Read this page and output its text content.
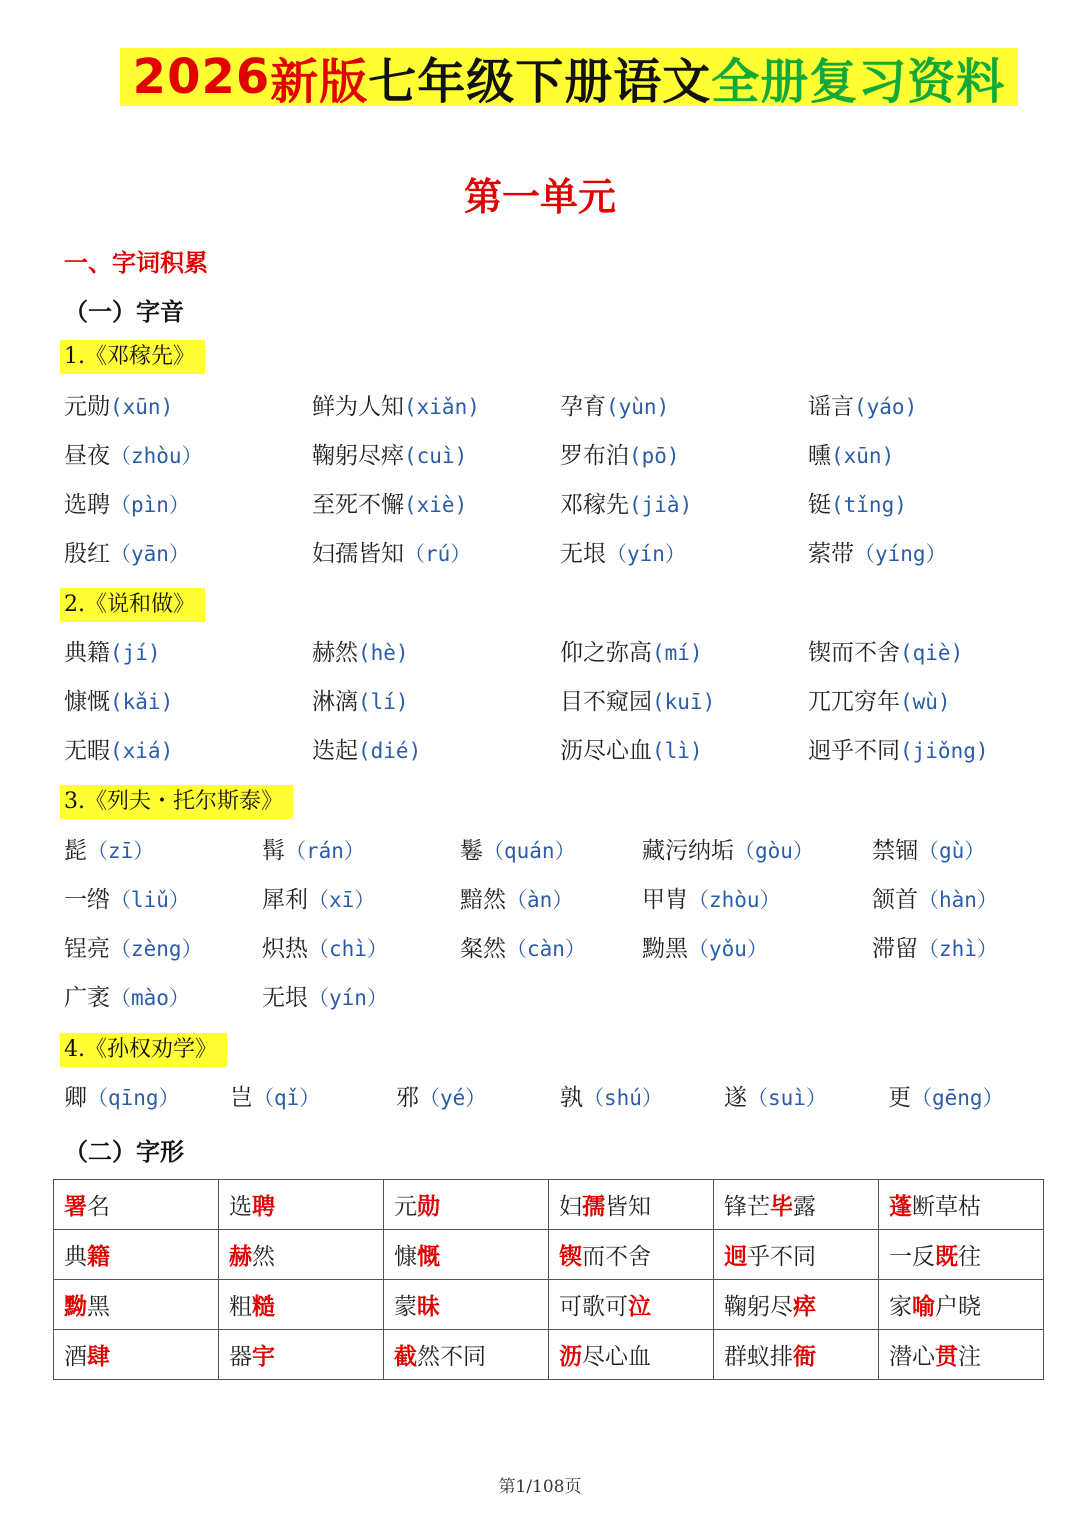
2026 新版 七年级下册语文 全册复习资料
第一单元
一、字词积累
（一）字音
1.《邓稼先》
2.《说和做》
3.《列夫・托尔斯泰》
4.《孙权劝学》
元勋(xūn)	鲜为人知(xiǎn)	孕育(yùn)	谣言(yáo)
昼夜（zhòu）	鞠躬尽瘁(cuì)	罗布泊(pō)	曛(xūn)
选聘（pìn）	至死不懈(xiè)	邓稼先(jià)	铤(tǐng)
殷红（yān）	妇孺皆知（rú）	无垠（yín）	萦带（yíng）
典籍(jí)	赫然(hè)	仰之弥高(mí)	锲而不舍(qiè)
慷慨(kǎi)	淋漓(lí)	目不窥园(kuī)	兀兀穷年(wù)
无暇(xiá)	迭起(dié)	沥尽心血(lì)	迥乎不同(jiǒng)
髭（zī）	髯（rán）	鬈（quán）	藏污纳垢（gòu）	禁锢（gù）
一绺（liǔ）	犀利（xī）	黯然（àn）	甲胄（zhòu）	颔首（hàn）
锃亮（zèng）	炽热（chì）	粲然（càn） 黝黑（yǒu）	滞留（zhì）
广袤（mào）	无垠（yín）
卿（qīng） 岂（qǐ）	邪（yé）	孰（shú）	遂（suì）	更（gēng）
（二）字形
署名	选聘	元勋	妇孺皆知	锋芒毕露	蓬断草枯
典籍	赫然	慷慨	锲而不舍	迥乎不同	一反既往
黝黑	粗糙	蒙昧	可歌可泣	鞠躬尽瘁	家喻户晓
酒肆	器宇	截然不同	沥尽心血	群蚁排衙	潜心贯注
第1/108页
